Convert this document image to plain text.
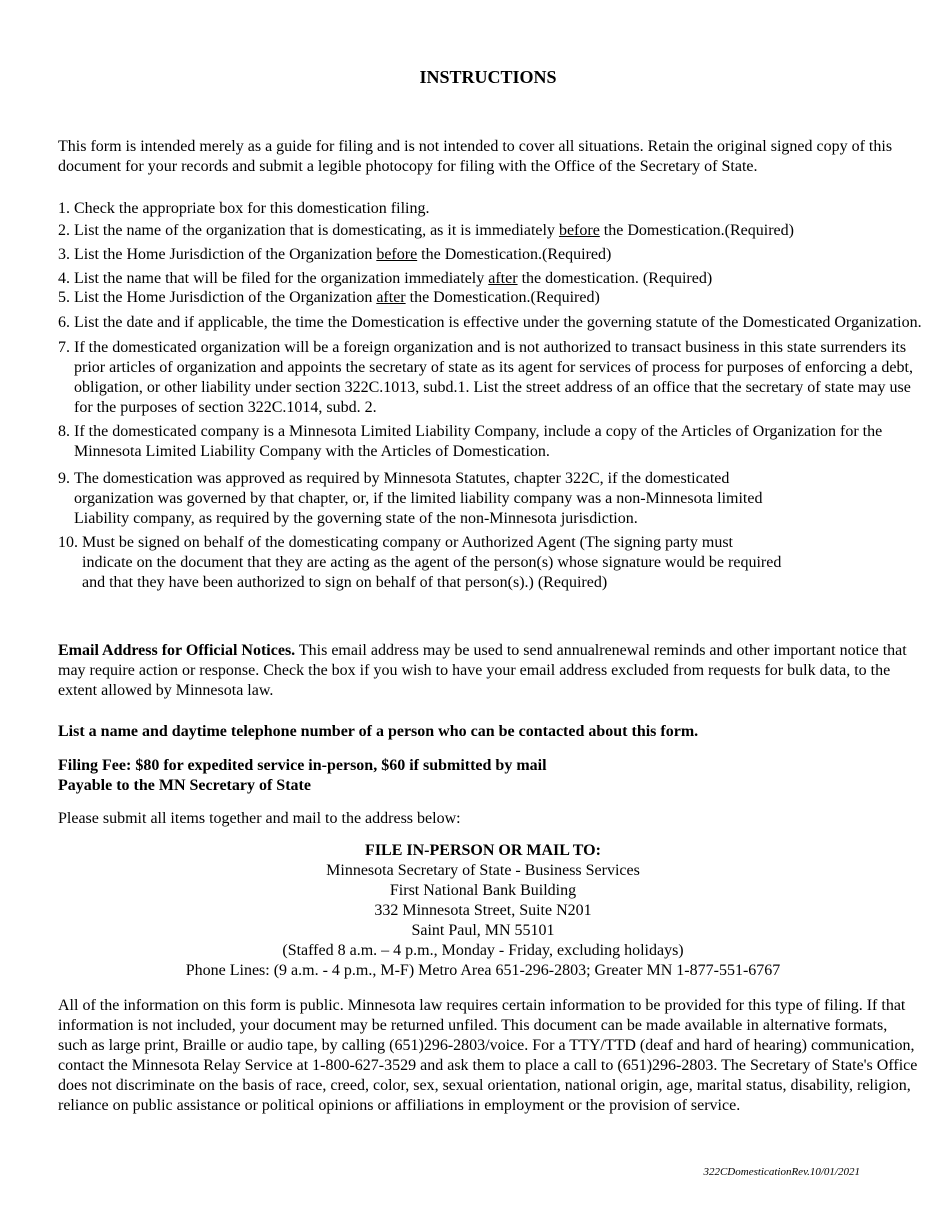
INSTRUCTIONS
This form is intended merely as a guide for filing and is not intended to cover all situations. Retain the original signed copy of this document for your records and submit a legible photocopy for filing with the Office of the Secretary of State.
1. Check the appropriate box for this domestication filing.
2. List the name of the organization that is domesticating, as it is immediately before the Domestication.(Required)
3. List the Home Jurisdiction of the Organization before the Domestication.(Required)
4. List the name that will be filed for the organization immediately after the domestication. (Required)
5. List the Home Jurisdiction of the Organization after the Domestication.(Required)
6. List the date and if applicable, the time the Domestication is effective under the governing statute of the Domesticated Organization.
7. If the domesticated organization will be a foreign organization and is not authorized to transact business in this state surrenders its prior articles of organization and appoints the secretary of state as its agent for services of process for purposes of enforcing a debt, obligation, or other liability under section 322C.1013, subd.1. List the street address of an office that the secretary of state may use for the purposes of section 322C.1014, subd. 2.
8. If the domesticated company is a Minnesota Limited Liability Company, include a copy of the Articles of Organization for the Minnesota Limited Liability Company with the Articles of Domestication.
9. The domestication was approved as required by Minnesota Statutes, chapter 322C, if the domesticated organization was governed by that chapter, or, if the limited liability company was a non-Minnesota limited Liability company, as required by the governing state of the non-Minnesota jurisdiction.
10. Must be signed on behalf of the domesticating company or Authorized Agent (The signing party must indicate on the document that they are acting as the agent of the person(s) whose signature would be required and that they have been authorized to sign on behalf of that person(s).) (Required)
Email Address for Official Notices. This email address may be used to send annualrenewal reminds and other important notice that may require action or response. Check the box if you wish to have your email address excluded from requests for bulk data, to the extent allowed by Minnesota law.
List a name and daytime telephone number of a person who can be contacted about this form.
Filing Fee: $80 for expedited service in-person, $60 if submitted by mail
Payable to the MN Secretary of State
Please submit all items together and mail to the address below:
FILE IN-PERSON OR MAIL TO:
Minnesota Secretary of State - Business Services
First National Bank Building
332 Minnesota Street, Suite N201
Saint Paul, MN 55101
(Staffed 8 a.m. – 4 p.m., Monday - Friday, excluding holidays)
Phone Lines: (9 a.m. - 4 p.m., M-F) Metro Area 651-296-2803; Greater MN 1-877-551-6767
All of the information on this form is public. Minnesota law requires certain information to be provided for this type of filing. If that information is not included, your document may be returned unfiled. This document can be made available in alternative formats, such as large print, Braille or audio tape, by calling (651)296-2803/voice. For a TTY/TTD (deaf and hard of hearing) communication, contact the Minnesota Relay Service at 1-800-627-3529 and ask them to place a call to (651)296-2803. The Secretary of State's Office does not discriminate on the basis of race, creed, color, sex, sexual orientation, national origin, age, marital status, disability, religion, reliance on public assistance or political opinions or affiliations in employment or the provision of service.
322CDomesticationRev.10/01/2021
